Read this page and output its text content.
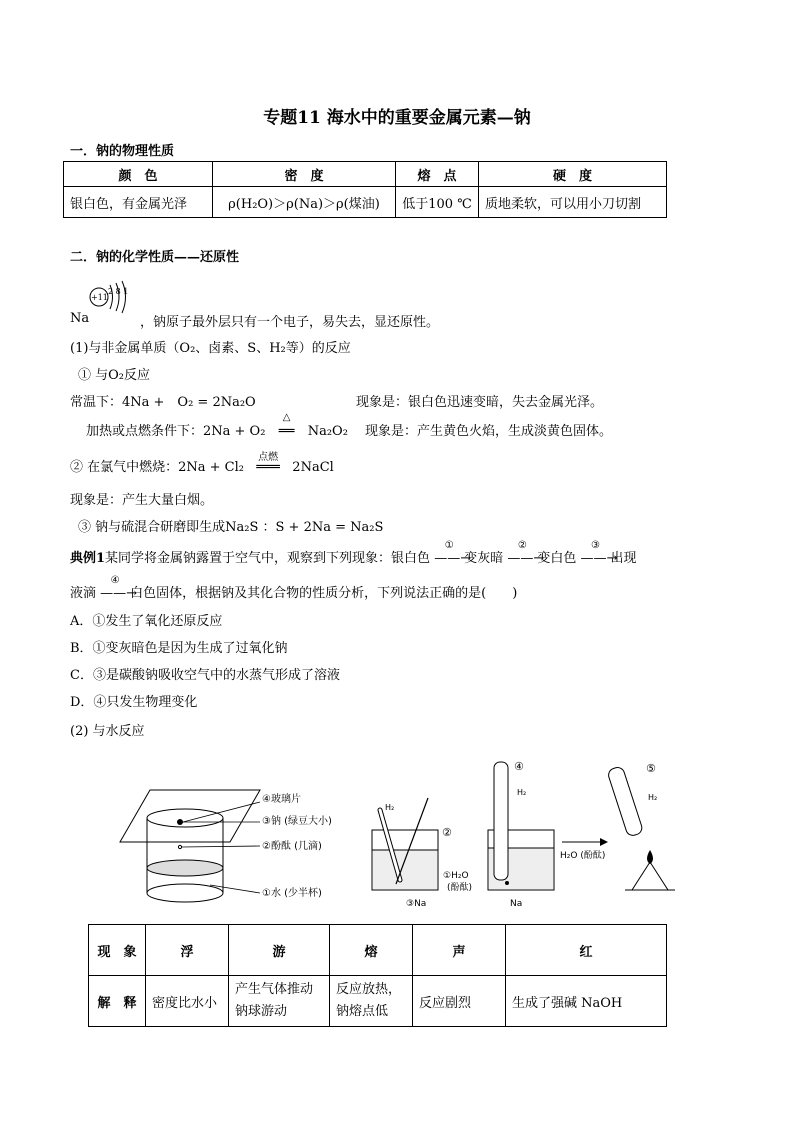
专题11 海水中的重要金属元素—钠
一．钠的物理性质
颜　色	密　度	熔　点	硬　度
银白色，有金属光泽	ρ(H₂O)＞ρ(Na)＞ρ(煤油)	低于100 ℃	质地柔软，可以用小刀切割
二．钠的化学性质——还原性
+11
2 8 1
Na	，钠原子最外层只有一个电子，易失去，显还原性。
(1)与非金属单质（O₂、卤素、S、H₂等）的反应
① 与O₂反应
常温下：4Na +　O₂ = 2Na₂O	现象是：银白色迅速变暗，失去金属光泽。
加热或点燃条件下：2Na + O₂
△
══ Na₂O₂ 现象是：产生黄色火焰，生成淡黄色固体。
② 在氯气中燃烧：2Na + Cl₂
点燃
═══ 2NaCl
现象是：产生大量白烟。
③ 钠与硫混合研磨即生成Na₂S ：S + 2Na = Na₂S
典例1某同学将金属钠露置于空气中，观察到下列现象：银白色
①
——→变灰暗
②
——→变白色
③
——→出现
液滴
④
——→白色固体，根据钠及其化合物的性质分析，下列说法正确的是(　　)
A．①发生了氧化还原反应
B．①变灰暗色是因为生成了过氧化钠
C．③是碳酸钠吸收空气中的水蒸气形成了溶液
D．④只发生物理变化
(2) 与水反应
④玻璃片
③钠 (绿豆大小)
②酚酞 (几滴)
①水 (少半杯)
H₂
②
①H₂O
(酚酞)
③Na
H₂
④
Na
H₂O (酚酞)
H₂
⑤
现　象	浮	游	熔	声	红
解　释	密度比水小	产生气体推动钠球游动	反应放热，钠熔点低	反应剧烈	生成了强碱 NaOH
